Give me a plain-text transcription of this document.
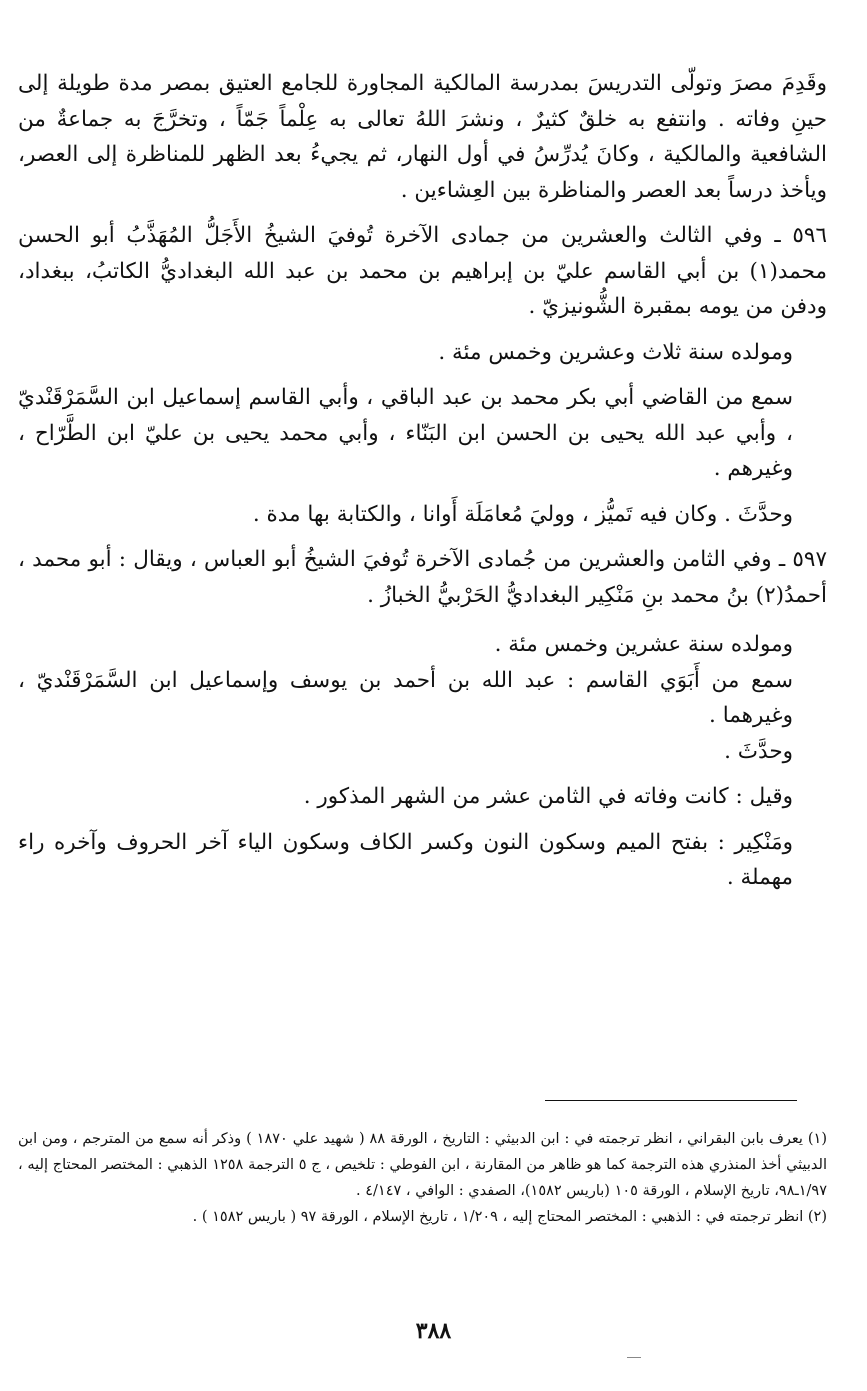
وقَدِمَ مصرَ وتولّى التدريسَ بمدرسة المالكية المجاورة للجامع العتيق بمصر مدة طويلة إلى حينِ وفاته . وانتفع به خلقٌ كثيرٌ ، ونشرَ اللهُ تعالى به عِلْماً جَمّاً ، وتخرَّجَ به جماعةٌ من الشافعية والمالكية ، وكانَ يُدرِّسُ في أول النهار، ثم يجيءُ بعد الظهر للمناظرة إلى العصر، ويأخذ درساً بعد العصر والمناظرة بين العِشاءين .

٥٩٦ ـ وفي الثالث والعشرين من جمادى الآخرة تُوفيَ الشيخُ الأَجَلُّ المُهَذَّبُ أبو الحسن محمد(١) بن أبي القاسم عليّ بن إبراهيم بن محمد بن عبد الله البغداديُّ الكاتبُ، ببغداد، ودفن من يومه بمقبرة الشُّونيزيّ .

ومولده سنة ثلاث وعشرين وخمس مئة .

سمع من القاضي أبي بكر محمد بن عبد الباقي ، وأبي القاسم إسماعيل ابن السَّمَرْقَنْديّ ، وأبي عبد الله يحيى بن الحسن ابن البَنّاء ، وأبي محمد يحيى بن عليّ ابن الطَّرّاح ، وغيرهم .

وحدَّثَ . وكان فيه تَميُّز ، ووليَ مُعامَلَة أَوانا ، والكتابة بها مدة .

٥٩٧ ـ وفي الثامن والعشرين من جُمادى الآخرة تُوفيَ الشيخُ أبو العباس ، ويقال : أبو محمد ، أحمدُ(٢) بنُ محمد بنِ مَنْكِير البغداديُّ الحَرْبيُّ الخبازُ .

ومولده سنة عشرين وخمس مئة .

سمع من أَبَوَي القاسم : عبد الله بن أحمد بن يوسف وإسماعيل ابن السَّمَرْقَنْديّ ، وغيرهما .

وحدَّثَ .

وقيل : كانت وفاته في الثامن عشر من الشهر المذكور .

ومَنْكِير : بفتح الميم وسكون النون وكسر الكاف وسكون الياء آخر الحروف وآخره راء مهملة .

(١) يعرف بابن البقراني ، انظر ترجمته في : ابن الدبيثي : التاريخ ، الورقة ٨٨ ( شهيد علي ١٨٧٠ ) وذكر أنه سمع من المترجم ، ومن ابن الدبيثي أخذ المنذري هذه الترجمة كما هو ظاهر من المقارنة ، ابن الفوطي : تلخيص ، ج ٥ الترجمة ١٢٥٨ الذهبي : المختصر المحتاج إليه ، ١/٩٧ـ٩٨، تاريخ الإسلام ، الورقة ١٠٥ (باريس ١٥٨٢)، الصفدي : الوافي ، ٤/١٤٧ .

(٢) انظر ترجمته في : الذهبي : المختصر المحتاج إليه ، ١/٢٠٩ ، تاريخ الإسلام ، الورقة ٩٧ ( باريس ١٥٨٢ ) .

٣٨٨
